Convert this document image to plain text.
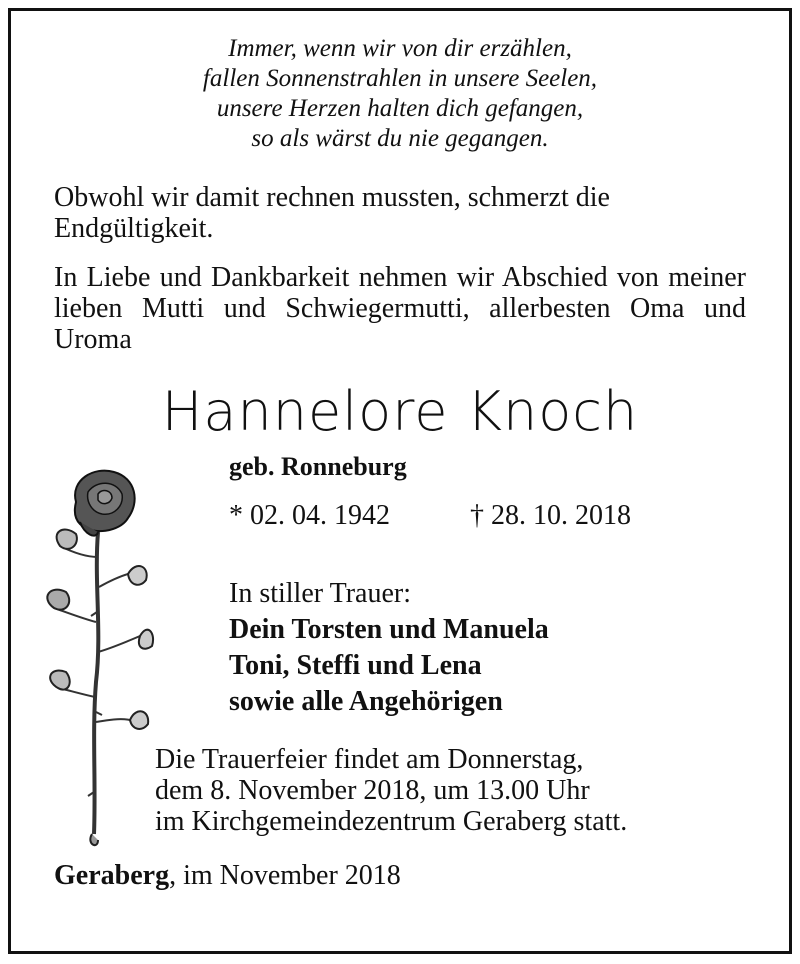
Immer, wenn wir von dir erzählen,
fallen Sonnenstrahlen in unsere Seelen,
unsere Herzen halten dich gefangen,
so als wärst du nie gegangen.
Obwohl wir damit rechnen mussten, schmerzt die Endgültigkeit.
In Liebe und Dankbarkeit nehmen wir Abschied von meiner lieben Mutti und Schwiegermutti, allerbesten Oma und Uroma
Hannelore Knoch
geb. Ronneburg
* 02. 04. 1942	† 28. 10. 2018
In stiller Trauer:
Dein Torsten und Manuela
Toni, Steffi und Lena
sowie alle Angehörigen
Die Trauerfeier findet am Donnerstag,
dem 8. November 2018, um 13.00 Uhr
im Kirchgemeindezentrum Geraberg statt.
Geraberg, im November 2018
